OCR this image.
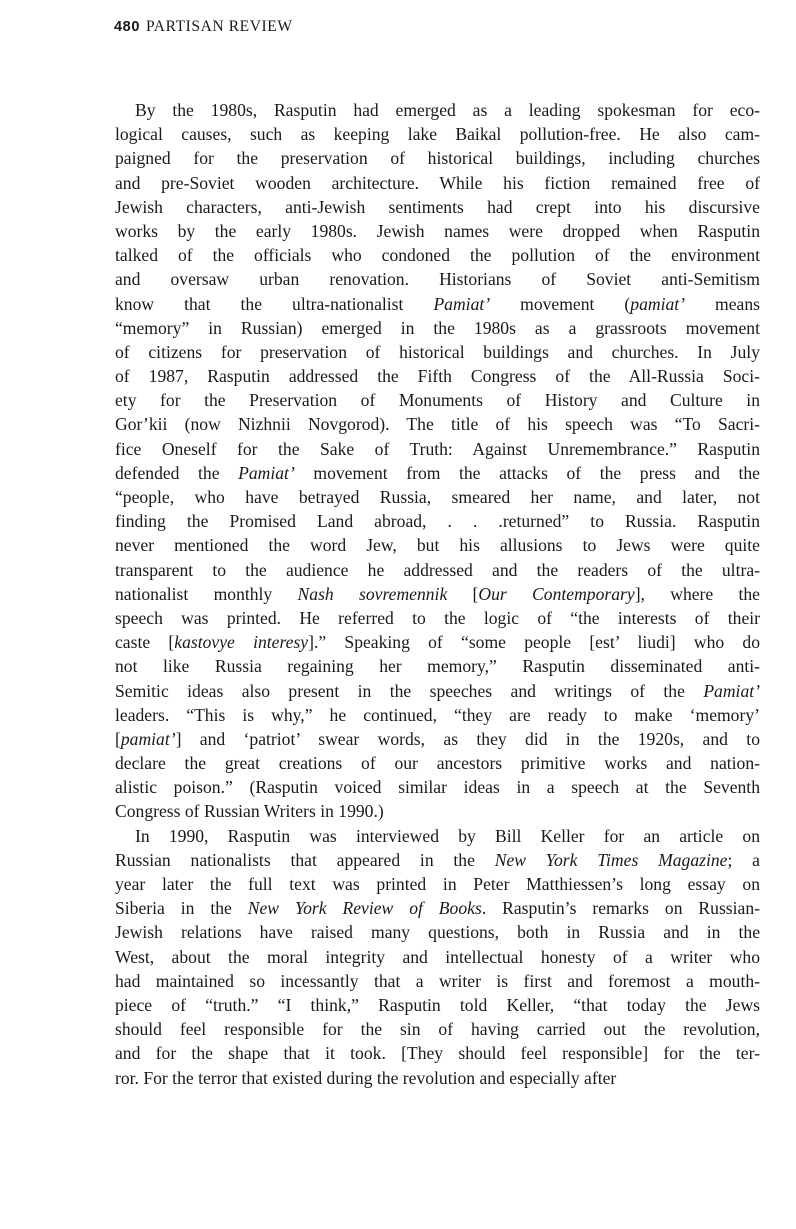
480 PARTISAN REVIEW
By the 1980s, Rasputin had emerged as a leading spokesman for eco-
logical causes, such as keeping lake Baikal pollution-free. He also cam-
paigned for the preservation of historical buildings, including churches
and pre-Soviet wooden architecture. While his fiction remained free of
Jewish characters, anti-Jewish sentiments had crept into his discursive
works by the early 1980s. Jewish names were dropped when Rasputin
talked of the officials who condoned the pollution of the environment
and oversaw urban renovation. Historians of Soviet anti-Semitism
know that the ultra-nationalist Pamiat’ movement (pamiat’ means
“memory” in Russian) emerged in the 1980s as a grassroots movement
of citizens for preservation of historical buildings and churches. In July
of 1987, Rasputin addressed the Fifth Congress of the All-Russia Soci-
ety for the Preservation of Monuments of History and Culture in
Gor’kii (now Nizhnii Novgorod). The title of his speech was “To Sacri-
fice Oneself for the Sake of Truth: Against Unremembrance.” Rasputin
defended the Pamiat’ movement from the attacks of the press and the
“people, who have betrayed Russia, smeared her name, and later, not
finding the Promised Land abroad, . . .returned” to Russia. Rasputin
never mentioned the word Jew, but his allusions to Jews were quite
transparent to the audience he addressed and the readers of the ultra-
nationalist monthly Nash sovremennik [Our Contemporary], where the
speech was printed. He referred to the logic of “the interests of their
caste [kastovye interesy].” Speaking of “some people [est’ liudi] who do
not like Russia regaining her memory,” Rasputin disseminated anti-
Semitic ideas also present in the speeches and writings of the Pamiat’
leaders. “This is why,” he continued, “they are ready to make ‘memory’
[pamiat’] and ‘patriot’ swear words, as they did in the 1920s, and to
declare the great creations of our ancestors primitive works and nation-
alistic poison.” (Rasputin voiced similar ideas in a speech at the Seventh
Congress of Russian Writers in 1990.)
In 1990, Rasputin was interviewed by Bill Keller for an article on
Russian nationalists that appeared in the New York Times Magazine; a
year later the full text was printed in Peter Matthiessen’s long essay on
Siberia in the New York Review of Books. Rasputin’s remarks on Russian-
Jewish relations have raised many questions, both in Russia and in the
West, about the moral integrity and intellectual honesty of a writer who
had maintained so incessantly that a writer is first and foremost a mouth-
piece of “truth.” “I think,” Rasputin told Keller, “that today the Jews
should feel responsible for the sin of having carried out the revolution,
and for the shape that it took. [They should feel responsible] for the ter-
ror. For the terror that existed during the revolution and especially after
